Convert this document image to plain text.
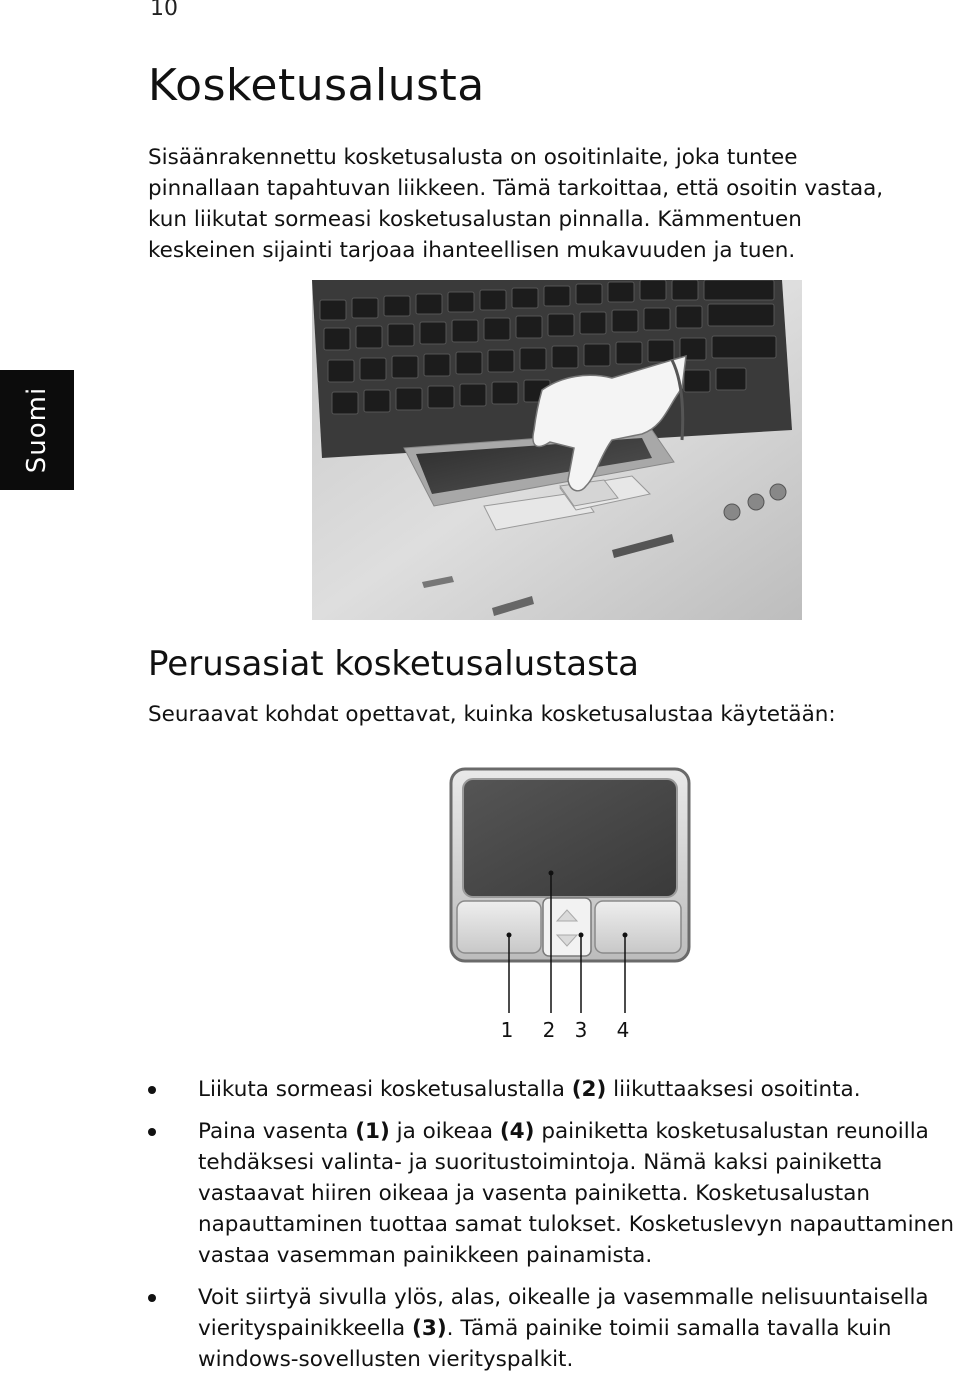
10
Suomi
Kosketusalusta

Sisäänrakennettu kosketusalusta on osoitinlaite, joka tuntee pinnallaan tapahtuvan liikkeen. Tämä tarkoittaa, että osoitin vastaa, kun liikutat sormeasi kosketusalustan pinnalla. Kämmentuen keskeinen sijainti tarjoaa ihanteellisen mukavuuden ja tuen.

Perusasiat kosketusalustasta

Seuraavat kohdat opettavat, kuinka kosketusalustaa käytetään:

1 2 3 4
Liikuta sormeasi kosketusalustalla (2) liikuttaaksesi osoitinta.
Paina vasenta (1) ja oikeaa (4) painiketta kosketusalustan reunoilla tehdäksesi valinta- ja suoritustoimintoja. Nämä kaksi painiketta vastaavat hiiren oikeaa ja vasenta painiketta. Kosketusalustan napauttaminen tuottaa samat tulokset. Kosketuslevyn napauttaminen vastaa vasemman painikkeen painamista.
Voit siirtyä sivulla ylös, alas, oikealle ja vasemmalle nelisuuntaisella vierityspainikkeella (3). Tämä painike toimii samalla tavalla kuin windows-sovellusten vierityspalkit.
